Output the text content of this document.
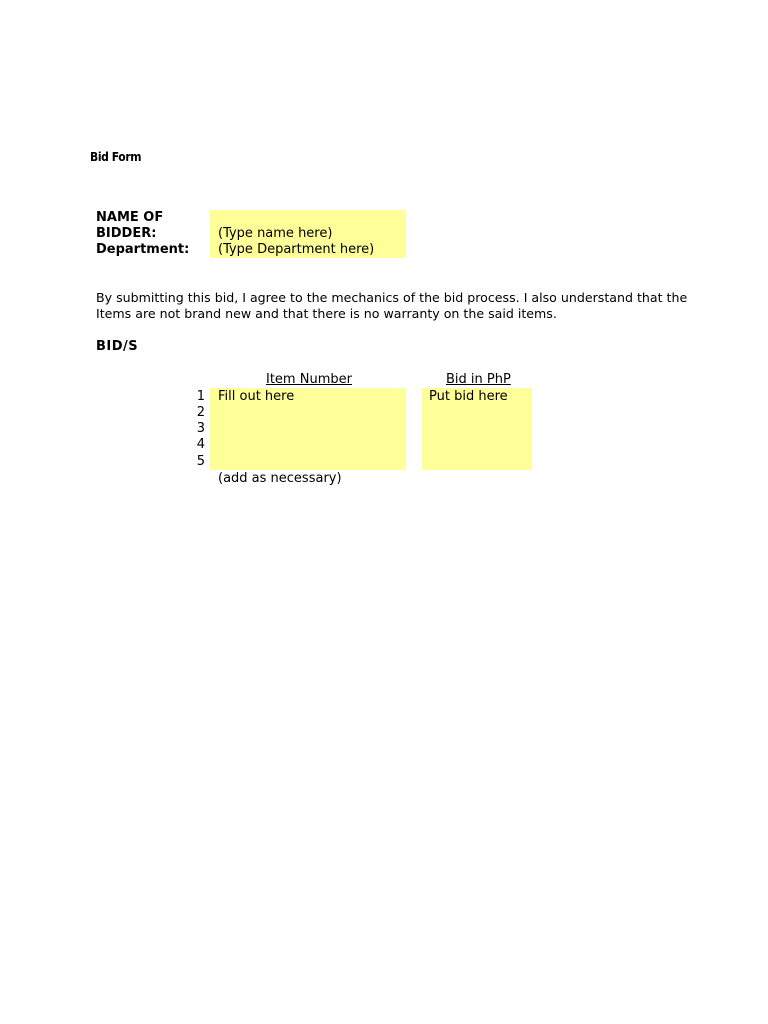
Bid Form
NAME OF
BIDDER:
Department:
(Type name here)
(Type Department here)
By submitting this bid, I agree to the mechanics of the bid process. I also understand that the Items are not brand new and that there is no warranty on the said items.
BID/S
Item Number	Bid in PhP
1
2
3
4
5
Fill out here	Put bid here
(add as necessary)
